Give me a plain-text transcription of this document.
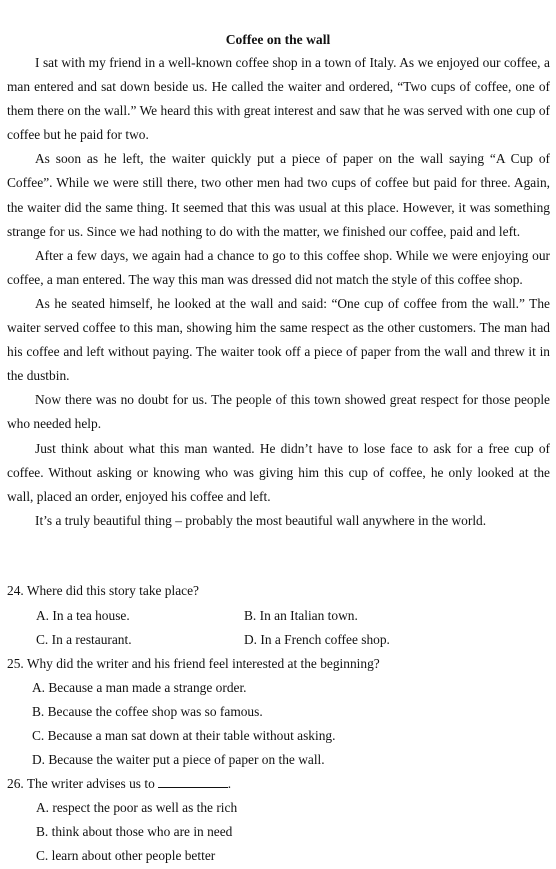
Coffee on the wall

I sat with my friend in a well-known coffee shop in a town of Italy. As we enjoyed our coffee, a man entered and sat down beside us. He called the waiter and ordered, “Two cups of coffee, one of them there on the wall.” We heard this with great interest and saw that he was served with one cup of coffee but he paid for two.

As soon as he left, the waiter quickly put a piece of paper on the wall saying “A Cup of Coffee”. While we were still there, two other men had two cups of coffee but paid for three. Again, the waiter did the same thing. It seemed that this was usual at this place. However, it was something strange for us. Since we had nothing to do with the matter, we finished our coffee, paid and left.

After a few days, we again had a chance to go to this coffee shop. While we were enjoying our coffee, a man entered. The way this man was dressed did not match the style of this coffee shop.

As he seated himself, he looked at the wall and said: “One cup of coffee from the wall.” The waiter served coffee to this man, showing him the same respect as the other customers. The man had his coffee and left without paying. The waiter took off a piece of paper from the wall and threw it in the dustbin.

Now there was no doubt for us. The people of this town showed great respect for those people who needed help.

Just think about what this man wanted. He didn’t have to lose face to ask for a free cup of coffee. Without asking or knowing who was giving him this cup of coffee, he only looked at the wall, placed an order, enjoyed his coffee and left.

It’s a truly beautiful thing – probably the most beautiful wall anywhere in the world.

24. Where did this story take place?
A. In a tea house.	B. In an Italian town.
C. In a restaurant.	D. In a French coffee shop.
25. Why did the writer and his friend feel interested at the beginning?
A. Because a man made a strange order.
B. Because the coffee shop was so famous.
C. Because a man sat down at their table without asking.
D. Because the waiter put a piece of paper on the wall.
26. The writer advises us to	.
A. respect the poor as well as the rich
B. think about those who are in need
C. learn about other people better
